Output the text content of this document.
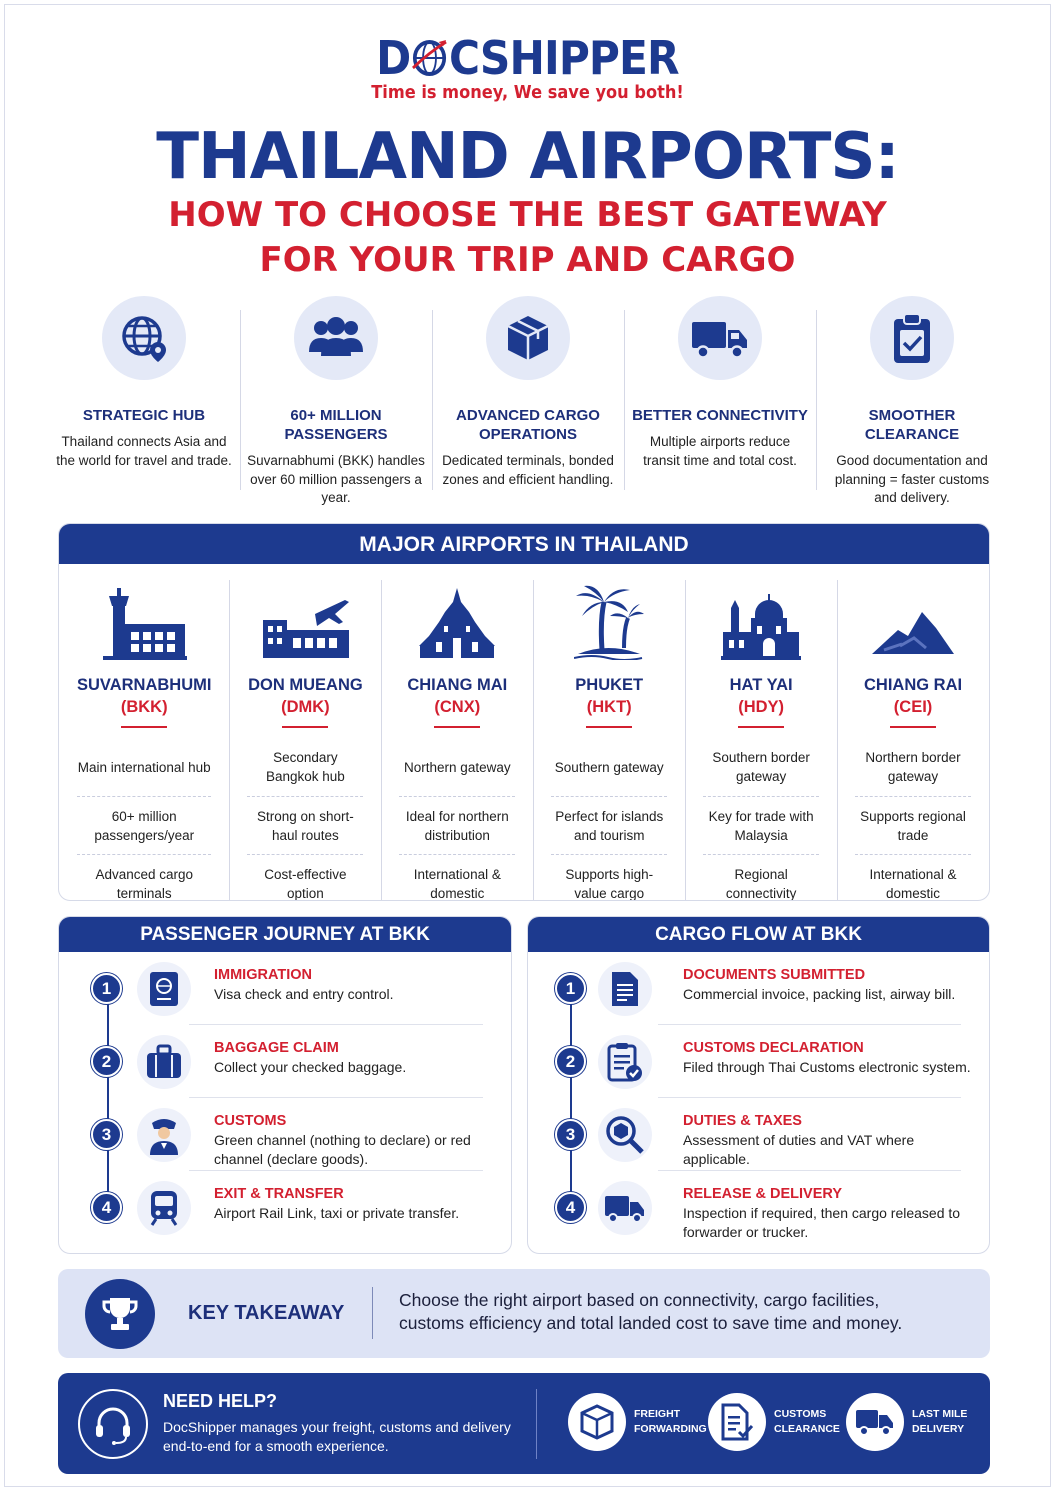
D CSHIPPER
Time is money, We save you both!
THAILAND AIRPORTS:
HOW TO CHOOSE THE BEST GATEWAY
FOR YOUR TRIP AND CARGO
STRATEGIC HUB
Thailand connects Asia and the world for travel and trade.
60+ MILLION PASSENGERS
Suvarnabhumi (BKK) handles over 60 million passengers a year.
ADVANCED CARGO OPERATIONS
Dedicated terminals, bonded zones and efficient handling.
BETTER CONNECTIVITY
Multiple airports reduce transit time and total cost.
SMOOTHER CLEARANCE
Good documentation and planning = faster customs and delivery.
MAJOR AIRPORTS IN THAILAND
SUVARNABHUMI
(BKK)
Main international hub
60+ million passengers/year
Advanced cargo terminals
DON MUEANG
(DMK)
Secondary Bangkok hub
Strong on short-haul routes
Cost-effective option
CHIANG MAI
(CNX)
Northern gateway
Ideal for northern distribution
International & domestic
PHUKET
(HKT)
Southern gateway
Perfect for islands and tourism
Supports high-value cargo
HAT YAI
(HDY)
Southern border gateway
Key for trade with Malaysia
Regional connectivity
CHIANG RAI
(CEI)
Northern border gateway
Supports regional trade
International & domestic
PASSENGER JOURNEY AT BKK
1
IMMIGRATION
Visa check and entry control.
2
BAGGAGE CLAIM
Collect your checked baggage.
3
CUSTOMS
Green channel (nothing to declare) or red channel (declare goods).
4
EXIT & TRANSFER
Airport Rail Link, taxi or private transfer.
CARGO FLOW AT BKK
1
DOCUMENTS SUBMITTED
Commercial invoice, packing list, airway bill.
2
CUSTOMS DECLARATION
Filed through Thai Customs electronic system.
3
DUTIES & TAXES
Assessment of duties and VAT where applicable.
4
RELEASE & DELIVERY
Inspection if required, then cargo released to forwarder or trucker.
KEY TAKEAWAY
Choose the right airport based on connectivity, cargo facilities,
customs efficiency and total landed cost to save time and money.
NEED HELP?
DocShipper manages your freight, customs and delivery
end-to-end for a smooth experience.
FREIGHT
FORWARDING
CUSTOMS
CLEARANCE
LAST MILE
DELIVERY
